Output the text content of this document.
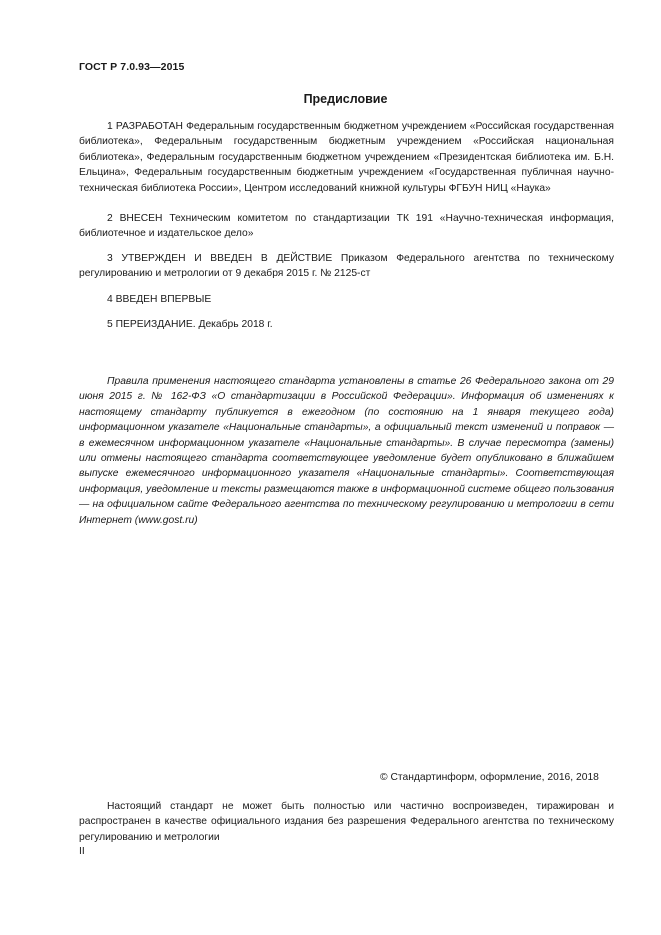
ГОСТ Р 7.0.93—2015
Предисловие

1 РАЗРАБОТАН Федеральным государственным бюджетном учреждением «Российская государственная библиотека», Федеральным государственным бюджетным учреждением «Российская национальная библиотека», Федеральным государственным бюджетном учреждением «Президентская библиотека им. Б.Н. Ельцина», Федеральным государственным бюджетным учреждением «Государственная публичная научно-техническая библиотека России», Центром исследований книжной культуры ФГБУН НИЦ «Наука»

2 ВНЕСЕН Техническим комитетом по стандартизации ТК 191 «Научно-техническая информация, библиотечное и издательское дело»

3 УТВЕРЖДЕН И ВВЕДЕН В ДЕЙСТВИЕ Приказом Федерального агентства по техническому регулированию и метрологии от 9 декабря 2015 г. № 2125-ст

4 ВВЕДЕН ВПЕРВЫЕ

5 ПЕРЕИЗДАНИЕ. Декабрь 2018 г.

Правила применения настоящего стандарта установлены в статье 26 Федерального закона от 29 июня 2015 г. № 162-ФЗ «О стандартизации в Российской Федерации». Информация об изменениях к настоящему стандарту публикуется в ежегодном (по состоянию на 1 января текущего года) информационном указателе «Национальные стандарты», а официальный текст изменений и поправок — в ежемесячном информационном указателе «Национальные стандарты». В случае пересмотра (замены) или отмены настоящего стандарта соответствующее уведомление будет опубликовано в ближайшем выпуске ежемесячного информационного указателя «Национальные стандарты». Соответствующая информация, уведомление и тексты размещаются также в информационной системе общего пользования — на официальном сайте Федерального агентства по техническому регулированию и метрологии в сети Интернет (www.gost.ru)

© Стандартинформ, оформление, 2016, 2018

Настоящий стандарт не может быть полностью или частично воспроизведен, тиражирован и распространен в качестве официального издания без разрешения Федерального агентства по техническому регулированию и метрологии

II
